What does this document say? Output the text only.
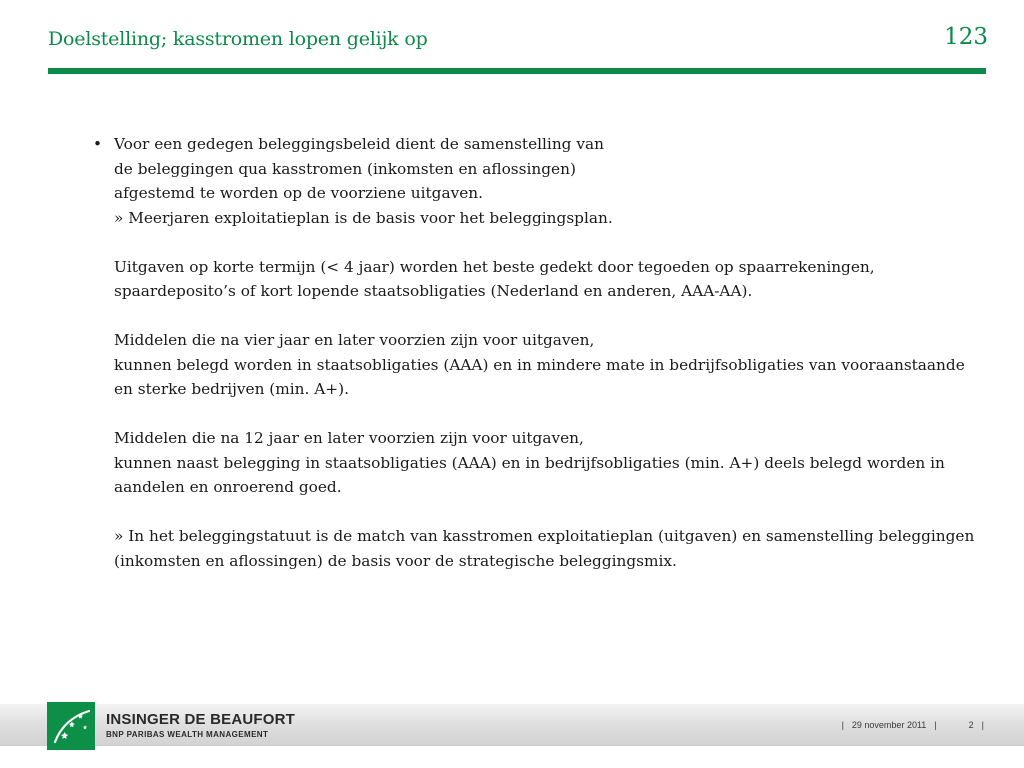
Doelstelling; kasstromen lopen gelijk op	123
• Voor een gedegen beleggingsbeleid dient de samenstelling van
de beleggingen qua kasstromen (inkomsten en aflossingen)
afgestemd te worden op de voorziene uitgaven.
» Meerjaren exploitatieplan is de basis voor het beleggingsplan.
Uitgaven op korte termijn (< 4 jaar) worden het beste gedekt door tegoeden op spaarrekeningen,
spaardeposito’s of kort lopende staatsobligaties (Nederland en anderen, AAA-AA).
Middelen die na vier jaar en later voorzien zijn voor uitgaven,
kunnen belegd worden in staatsobligaties (AAA) en in mindere mate in bedrijfsobligaties van vooraanstaande
en sterke bedrijven (min. A+).
Middelen die na 12 jaar en later voorzien zijn voor uitgaven,
kunnen naast belegging in staatsobligaties (AAA) en in bedrijfsobligaties (min. A+) deels belegd worden in
aandelen en onroerend goed.
» In het beleggingstatuut is de match van kasstromen exploitatieplan (uitgaven) en samenstelling beleggingen
(inkomsten en aflossingen) de basis voor de strategische beleggingsmix.
INSINGER DE BEAUFORT
BNP PARIBAS WEALTH MANAGEMENT
| 29 november 2011 |	2 |
